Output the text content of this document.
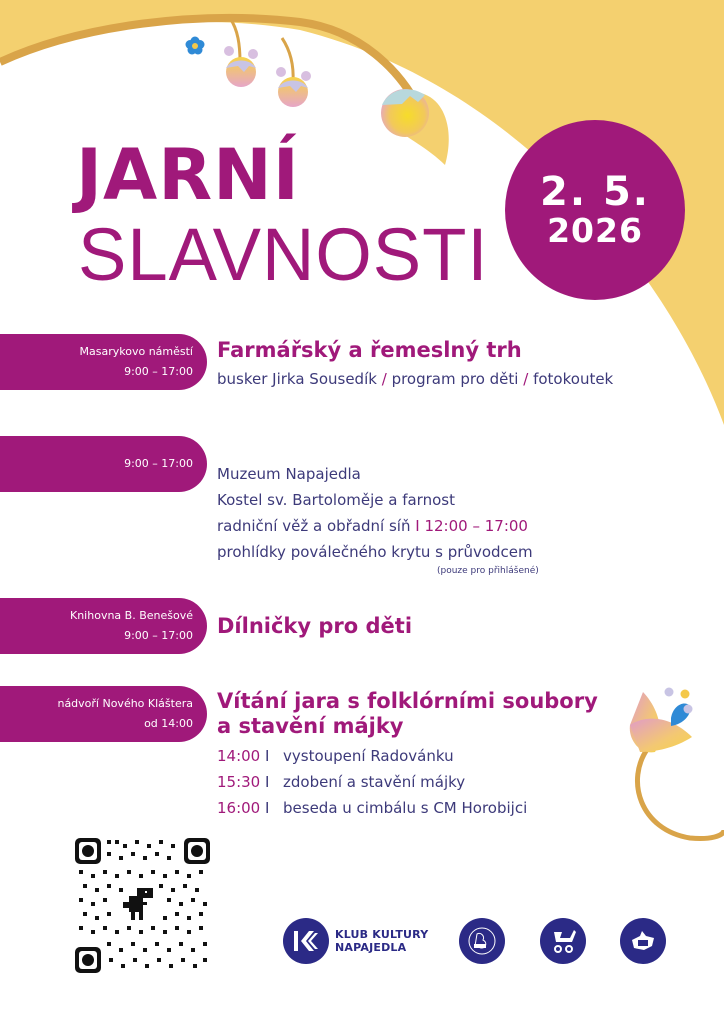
JARNÍ
SLAVNOSTI
2. 5.
2026
Masarykovo náměstí
9:00 – 17:00
Farmářský a řemeslný trh
busker Jirka Sousedík / program pro děti / fotokoutek
9:00 – 17:00
Muzeum Napajedla
Kostel sv. Bartoloměje a farnost
radniční věž a obřadní síň I 12:00 – 17:00
prohlídky poválečného krytu s průvodcem
(pouze pro přihlášené)
Knihovna B. Benešové
9:00 – 17:00 Dílničky pro děti
nádvoří Nového Kláštera
od 14:00
Vítání jara s folklórními soubory
a stavění májky
14:00 I vystoupení Radovánku
15:30 I zdobení a stavění májky
16:00 I beseda u cimbálu s CM Horobijci
KLUB KULTURY
NAPAJEDLA
